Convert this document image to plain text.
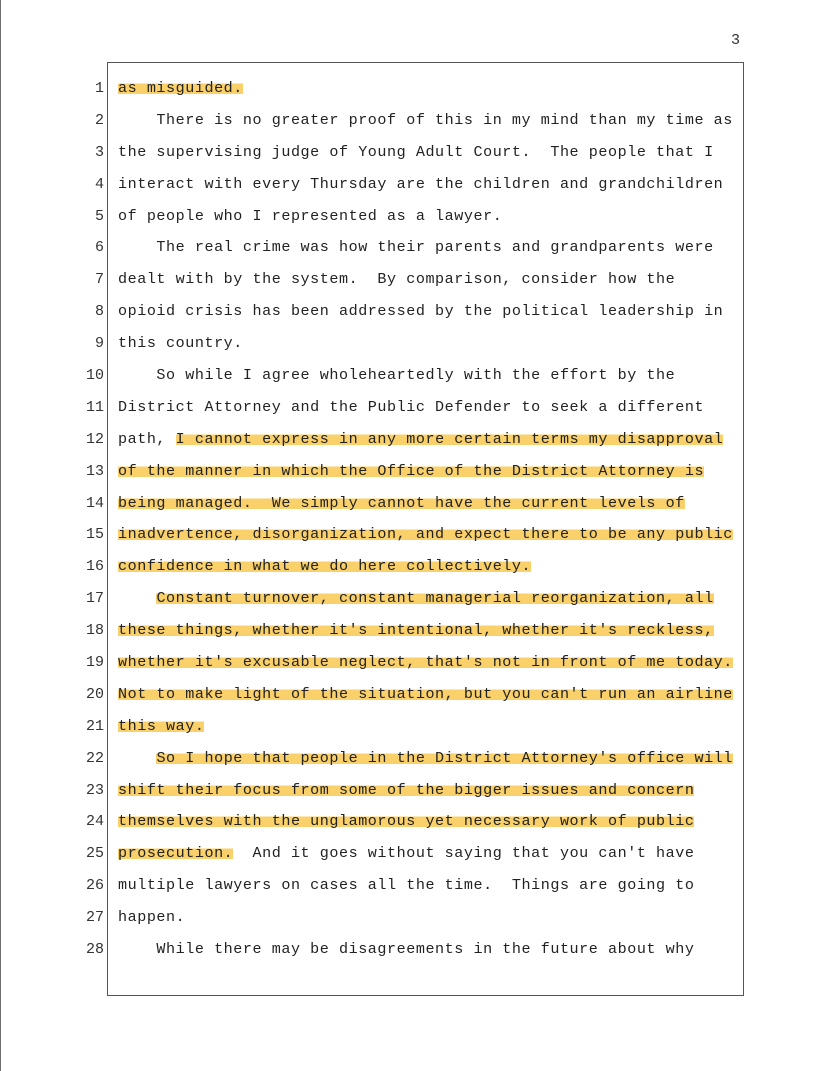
3
1
2
3
4
5
6
7
8
9
10
11
12
13
14
15
16
17
18
19
20
21
22
23
24
25
26
27
28
as misguided.
There is no greater proof of this in my mind than my time as
the supervising judge of Young Adult Court.  The people that I
interact with every Thursday are the children and grandchildren
of people who I represented as a lawyer.
The real crime was how their parents and grandparents were
dealt with by the system.  By comparison, consider how the
opioid crisis has been addressed by the political leadership in
this country.
So while I agree wholeheartedly with the effort by the
District Attorney and the Public Defender to seek a different
path, I cannot express in any more certain terms my disapproval
of the manner in which the Office of the District Attorney is
being managed.  We simply cannot have the current levels of
inadvertence, disorganization, and expect there to be any public
confidence in what we do here collectively.
Constant turnover, constant managerial reorganization, all
these things, whether it's intentional, whether it's reckless,
whether it's excusable neglect, that's not in front of me today.
Not to make light of the situation, but you can't run an airline
this way.
So I hope that people in the District Attorney's office will
shift their focus from some of the bigger issues and concern
themselves with the unglamorous yet necessary work of public
prosecution.  And it goes without saying that you can't have
multiple lawyers on cases all the time.  Things are going to
happen.
While there may be disagreements in the future about why
